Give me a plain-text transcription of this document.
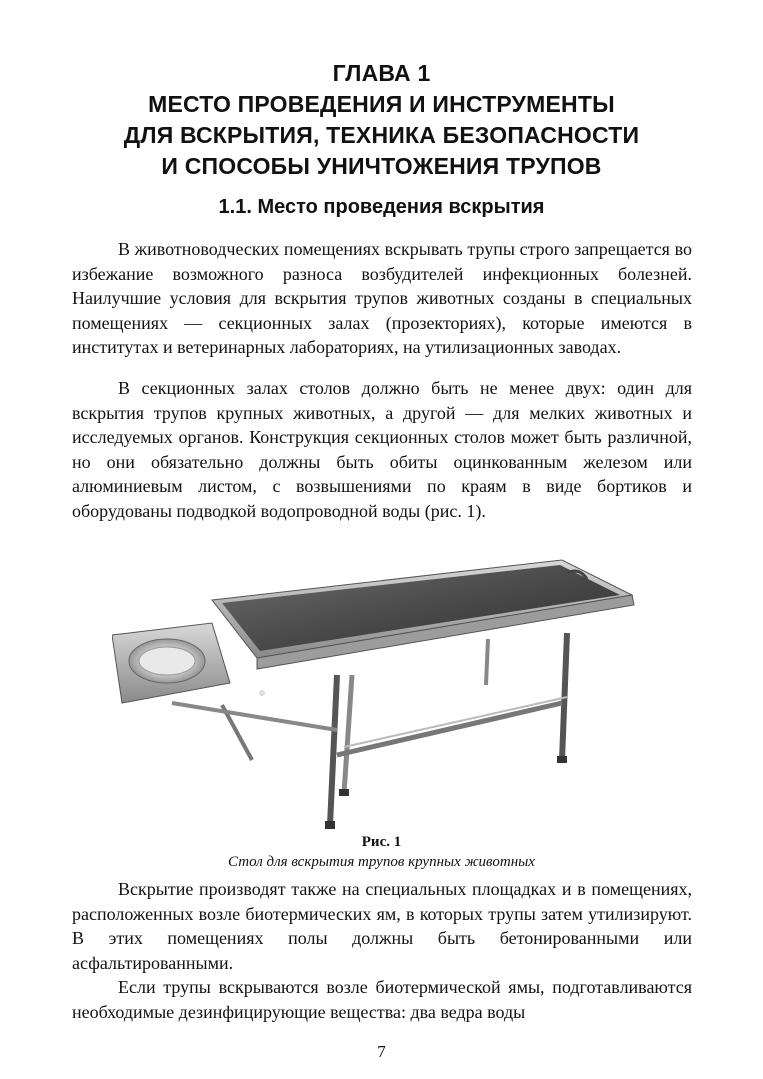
ГЛАВА 1
МЕСТО ПРОВЕДЕНИЯ И ИНСТРУМЕНТЫ
ДЛЯ ВСКРЫТИЯ, ТЕХНИКА БЕЗОПАСНОСТИ
И СПОСОБЫ УНИЧТОЖЕНИЯ ТРУПОВ
1.1. Место проведения вскрытия

В животноводческих помещениях вскрывать трупы строго запрещается во избежание возможного разноса возбудителей инфекционных болезней. Наилучшие условия для вскрытия трупов животных созданы в специальных помещениях — секционных залах (прозекториях), которые имеются в институтах и ветеринарных лабораториях, на утилизационных заводах.

В секционных залах столов должно быть не менее двух: один для вскрытия трупов крупных животных, а другой — для мелких животных и исследуемых органов. Конструкция секционных столов может быть различной, но они обязательно должны быть обиты оцинкованным железом или алюминиевым листом, с возвышениями по краям в виде бортиков и оборудованы подводкой водопроводной воды (рис. 1).

Рис. 1
Стол для вскрытия трупов крупных животных

Вскрытие производят также на специальных площадках и в помещениях, расположенных возле биотермических ям, в которых трупы затем утилизируют. В этих помещениях полы должны быть бетонированными или асфальтированными.

Если трупы вскрываются возле биотермической ямы, подготавливаются необходимые дезинфицирующие вещества: два ведра воды

7
